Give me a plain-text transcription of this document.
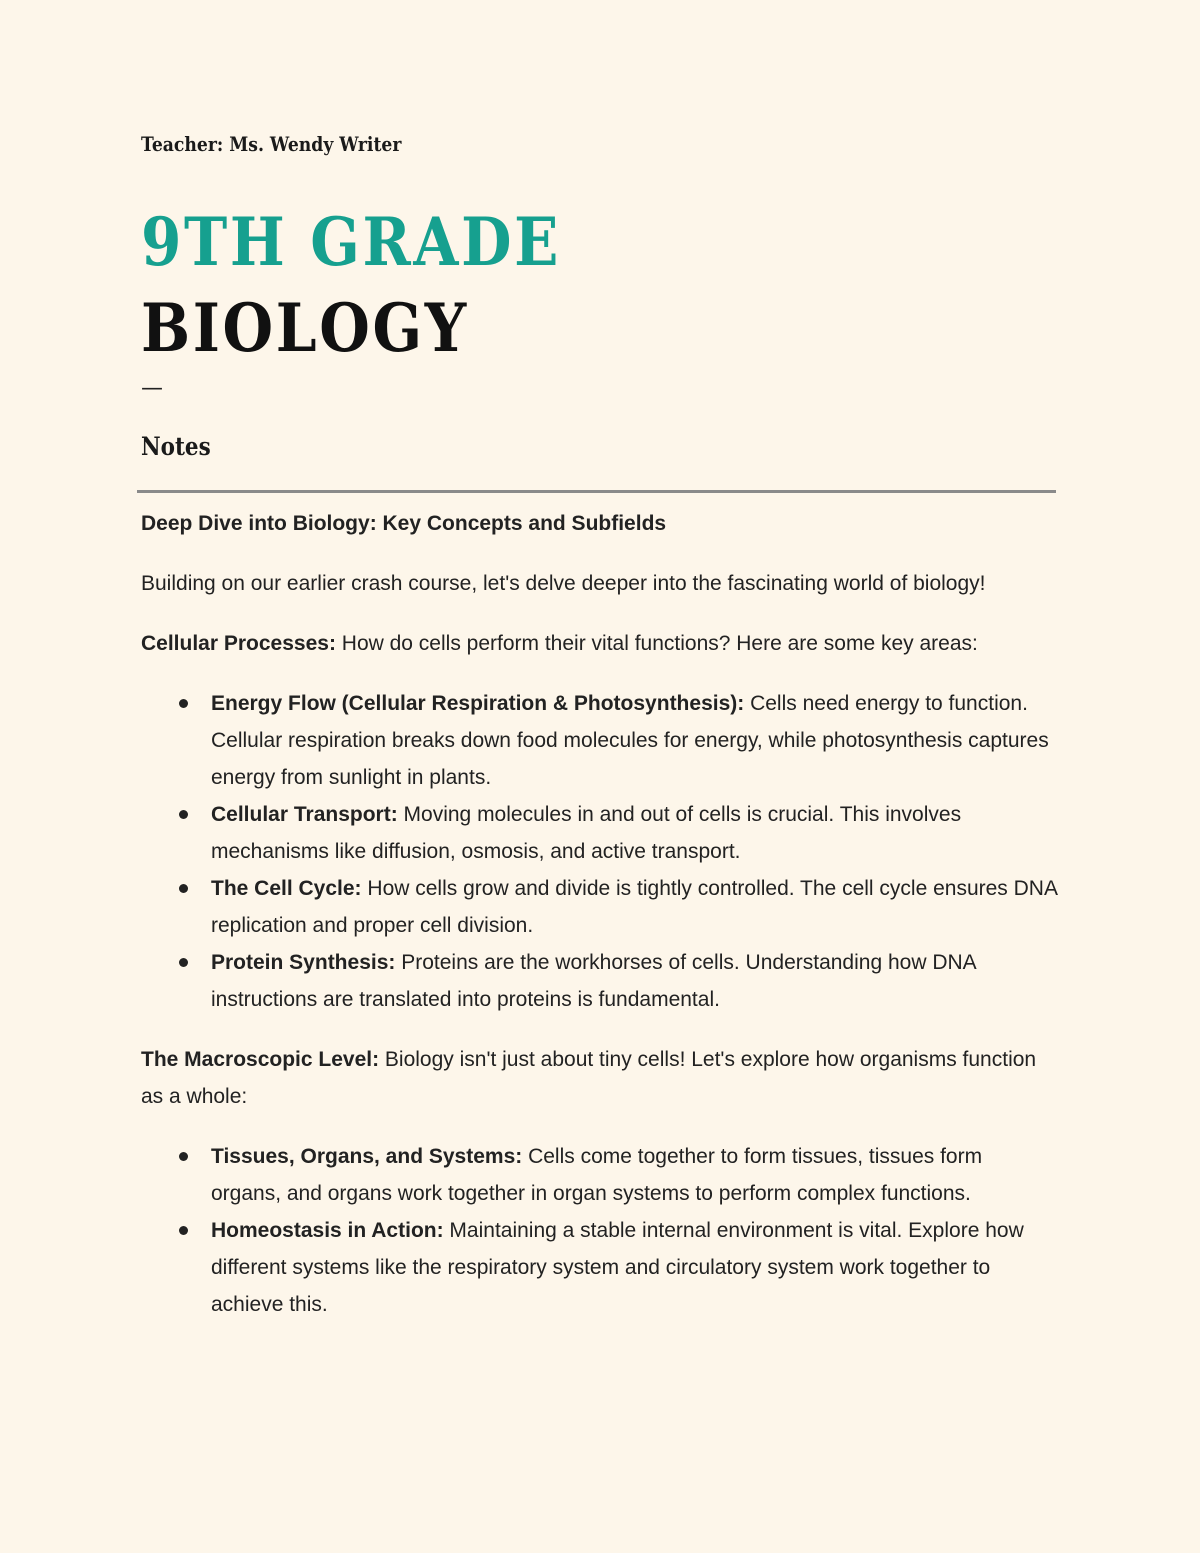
Teacher: Ms. Wendy Writer
9TH GRADE
BIOLOGY
—
Notes

Deep Dive into Biology: Key Concepts and Subfields

Building on our earlier crash course, let's delve deeper into the fascinating world of biology!

Cellular Processes: How do cells perform their vital functions? Here are some key areas:

Energy Flow (Cellular Respiration & Photosynthesis): Cells need energy to function. Cellular respiration breaks down food molecules for energy, while photosynthesis captures energy from sunlight in plants.
Cellular Transport: Moving molecules in and out of cells is crucial. This involves mechanisms like diffusion, osmosis, and active transport.
The Cell Cycle: How cells grow and divide is tightly controlled. The cell cycle ensures DNA replication and proper cell division.
Protein Synthesis: Proteins are the workhorses of cells. Understanding how DNA instructions are translated into proteins is fundamental.

The Macroscopic Level: Biology isn't just about tiny cells! Let's explore how organisms function as a whole:

Tissues, Organs, and Systems: Cells come together to form tissues, tissues form organs, and organs work together in organ systems to perform complex functions.
Homeostasis in Action: Maintaining a stable internal environment is vital. Explore how different systems like the respiratory system and circulatory system work together to achieve this.
